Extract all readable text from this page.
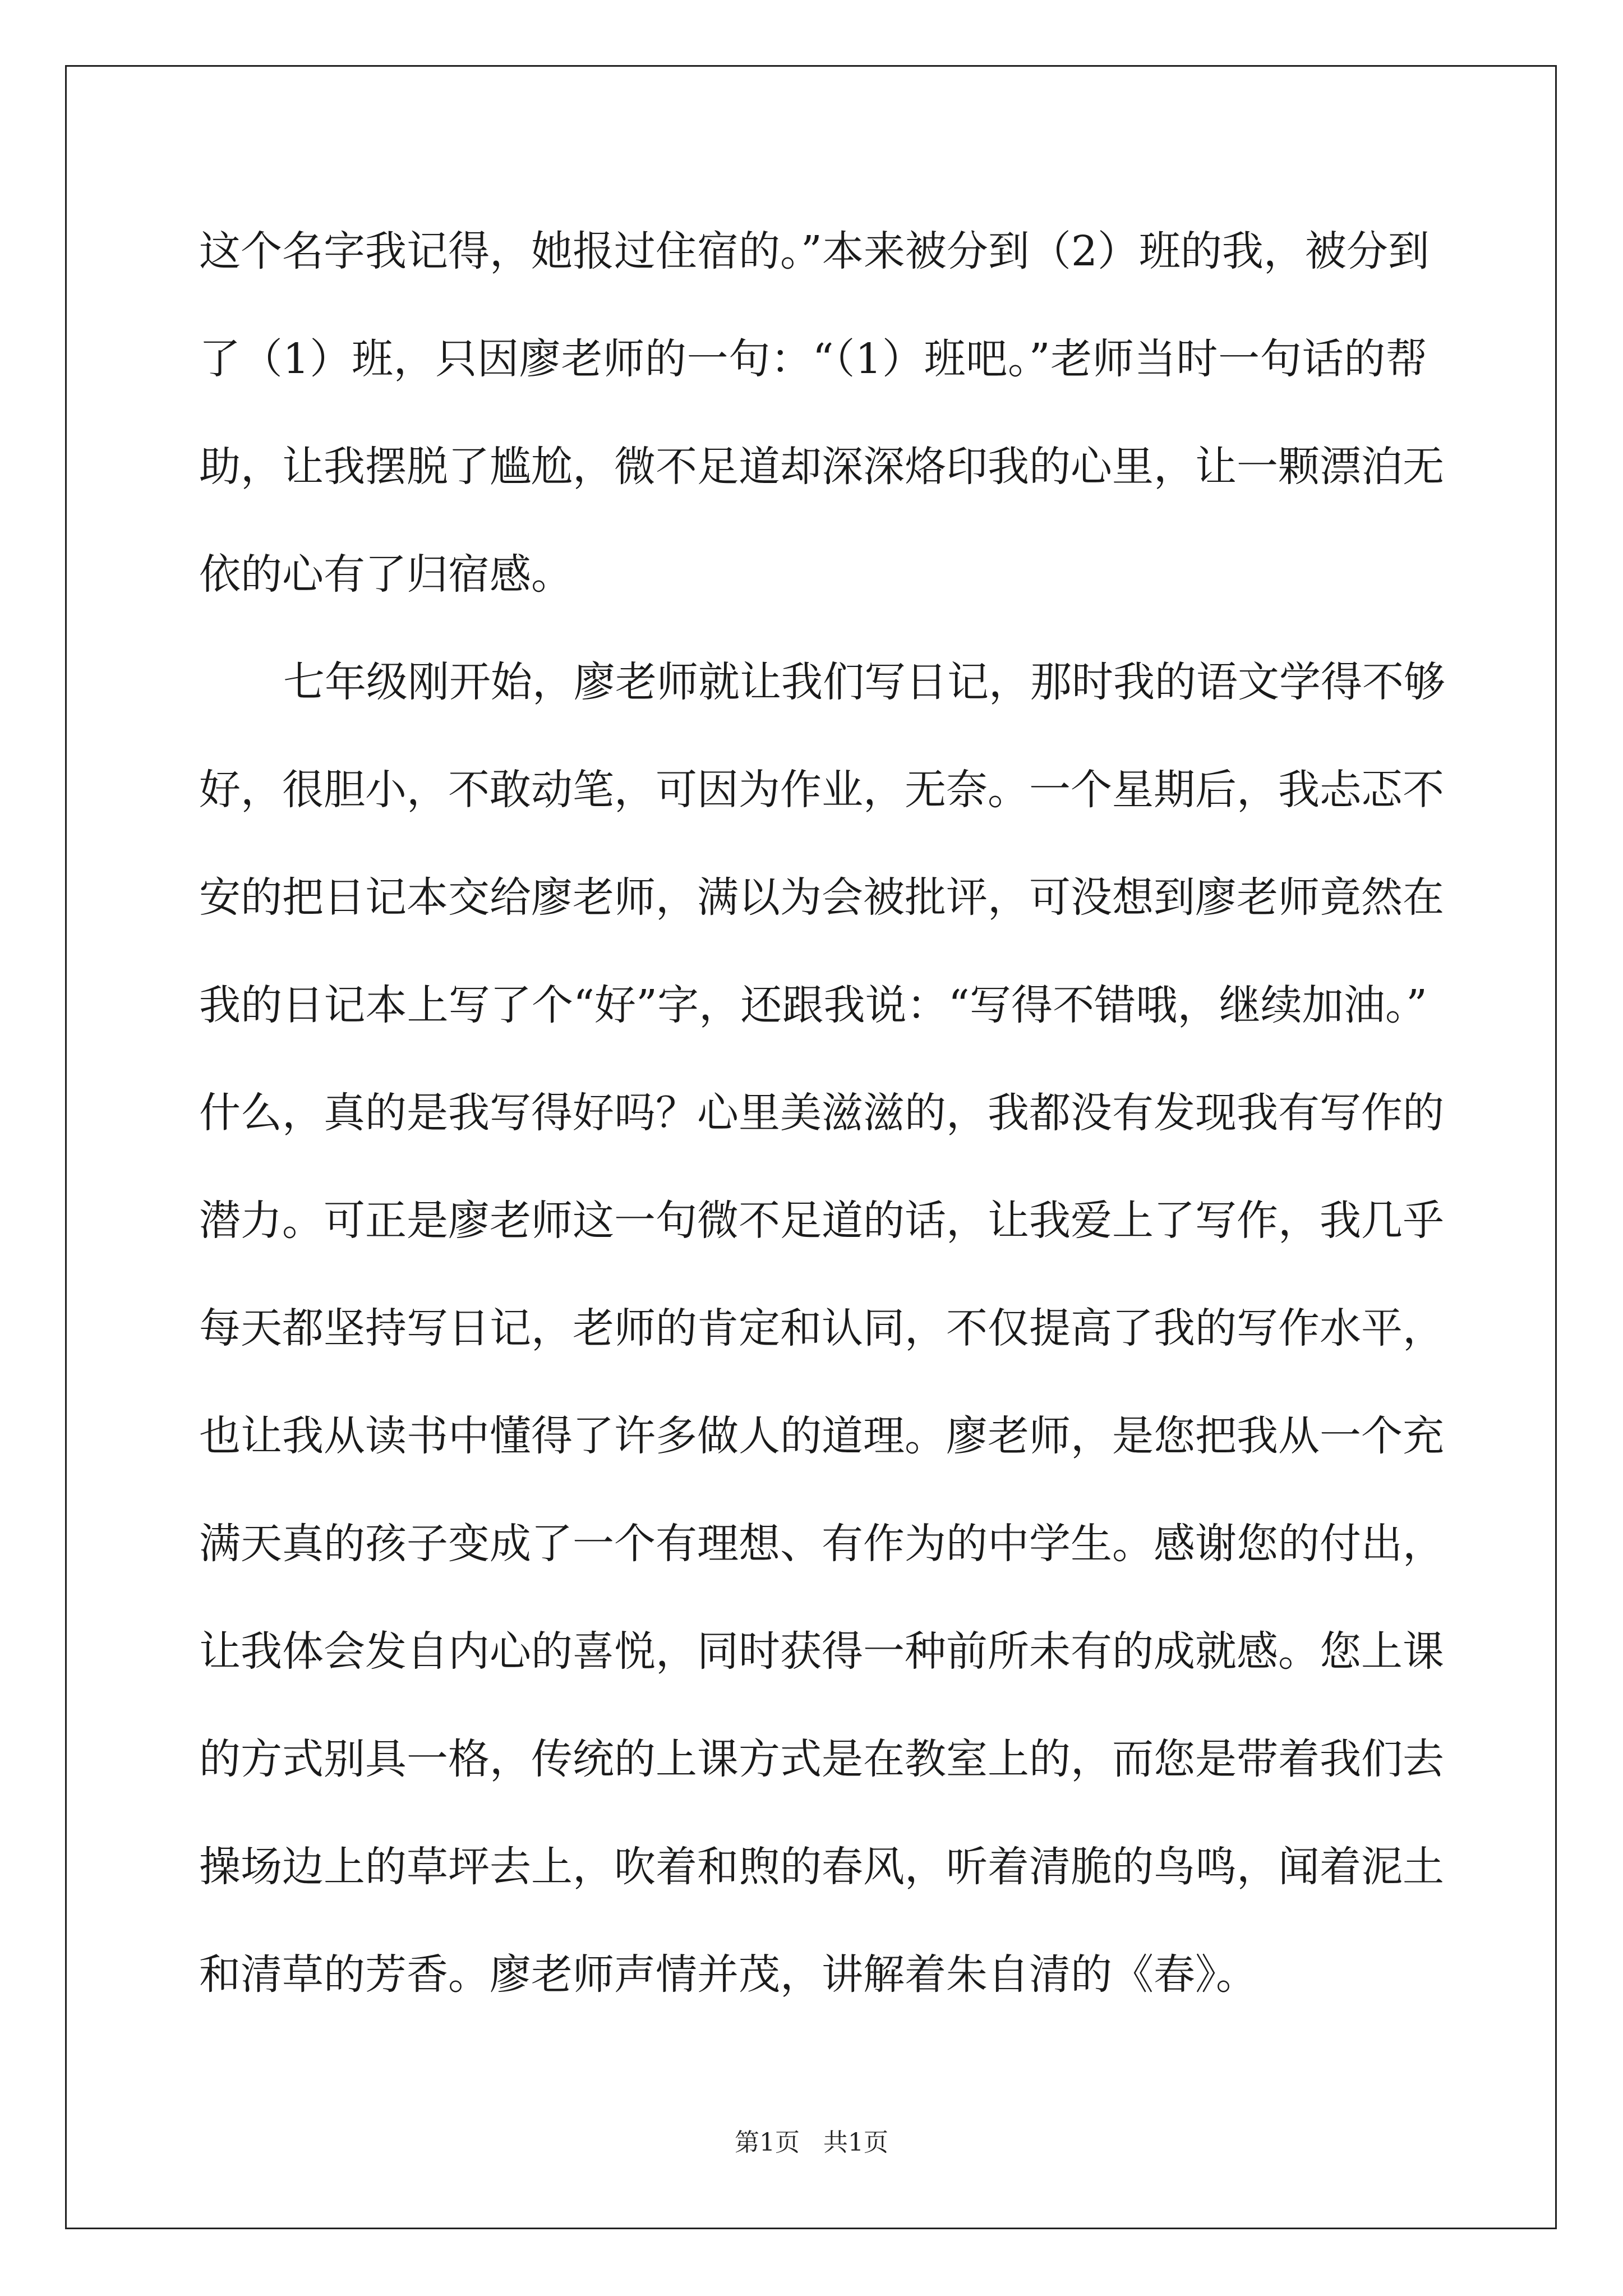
这个名字我记得，她报过住宿的。”本来被分到（2）班的我，被分到
了（1）班，只因廖老师的一句：“（1）班吧。”老师当时一句话的帮
助，让我摆脱了尴尬，微不足道却深深烙印我的心里，让一颗漂泊无
依的心有了归宿感。
七年级刚开始，廖老师就让我们写日记，那时我的语文学得不够
好，很胆小，不敢动笔，可因为作业，无奈。一个星期后，我忐忑不
安的把日记本交给廖老师，满以为会被批评，可没想到廖老师竟然在
我的日记本上写了个“好”字，还跟我说：“写得不错哦，继续加油。”
什么，真的是我写得好吗？心里美滋滋的，我都没有发现我有写作的
潜力。可正是廖老师这一句微不足道的话，让我爱上了写作，我几乎
每天都坚持写日记，老师的肯定和认同，不仅提高了我的写作水平，
也让我从读书中懂得了许多做人的道理。廖老师，是您把我从一个充
满天真的孩子变成了一个有理想、有作为的中学生。感谢您的付出，
让我体会发自内心的喜悦，同时获得一种前所未有的成就感。您上课
的方式别具一格，传统的上课方式是在教室上的，而您是带着我们去
操场边上的草坪去上，吹着和煦的春风，听着清脆的鸟鸣，闻着泥土
和清草的芳香。廖老师声情并茂，讲解着朱自清的《春》。
第1页   共1页
